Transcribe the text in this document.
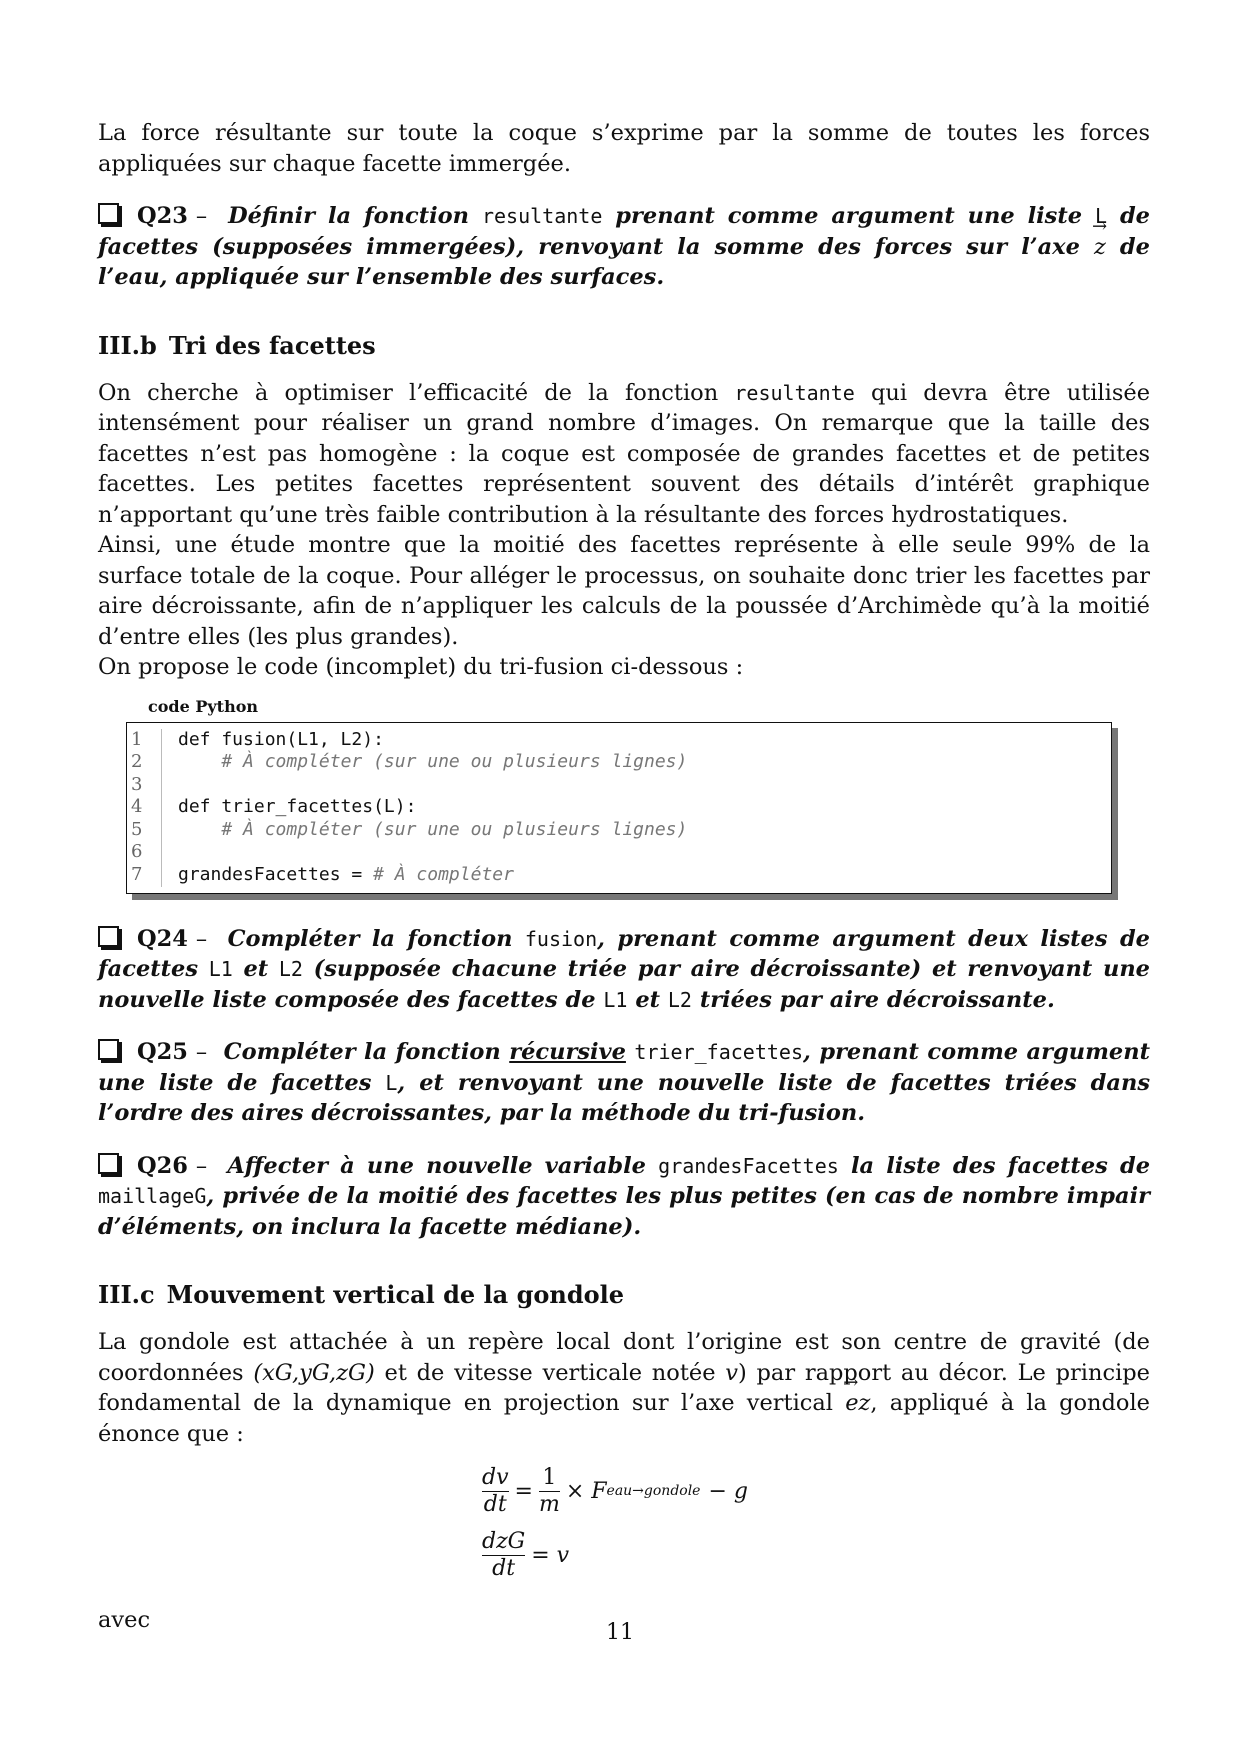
La force résultante sur toute la coque s’exprime par la somme de toutes les forces appliquées sur chaque facette immergée.

Q23 – Définir la fonction resultante prenant comme argument une liste L de facettes (supposées immergées), renvoyant la somme des forces sur l’axe → z de l’eau, appliquée sur l’ensemble des surfaces.
III.b Tri des facettes

On cherche à optimiser l’efficacité de la fonction resultante qui devra être utilisée intensément pour réaliser un grand nombre d’images. On remarque que la taille des facettes n’est pas homogène : la coque est composée de grandes facettes et de petites facettes. Les petites facettes représentent souvent des détails d’intérêt graphique n’apportant qu’une très faible contribution à la résultante des forces hydrostatiques.

Ainsi, une étude montre que la moitié des facettes représente à elle seule 99% de la surface totale de la coque. Pour alléger le processus, on souhaite donc trier les facettes par aire décroissante, afin de n’appliquer les calculs de la poussée d’Archimède qu’à la moitié d’entre elles (les plus grandes).

On propose le code (incomplet) du tri-fusion ci-dessous :

code Python
1	def fusion(L1, L2):
2
	# À compléter (sur une ou plusieurs lignes)
3
4	def trier_facettes(L):
5
	# À compléter (sur une ou plusieurs lignes)
6
7	grandesFacettes = # À compléter
Q24 – Compléter la fonction fusion, prenant comme argument deux listes de facettes L1 et L2 (supposée chacune triée par aire décroissante) et renvoyant une nouvelle liste composée des facettes de L1 et L2 triées par aire décroissante.
Q25 – Compléter la fonction récursive trier_facettes, prenant comme argument une liste de facettes L, et renvoyant une nouvelle liste de facettes triées dans l’ordre des aires décroissantes, par la méthode du tri-fusion.
Q26 – Affecter à une nouvelle variable grandesFacettes la liste des facettes de maillageG, privée de la moitié des facettes les plus petites (en cas de nombre impair d’éléments, on inclura la facette médiane).
III.c Mouvement vertical de la gondole

La gondole est attachée à un repère local dont l’origine est son centre de gravité (de coordonnées (xG,yG,zG) et de vitesse verticale notée v) par rapport au décor. Le principe fondamental de la dynamique en projection sur l’axe vertical → ez, appliqué à la gondole énonce que :

$\frac{dv}{dt} = \frac{1}{m} \times F$ eau→gondole − g
$\frac{\text{dzG}}{dt} = v$

avec	11
